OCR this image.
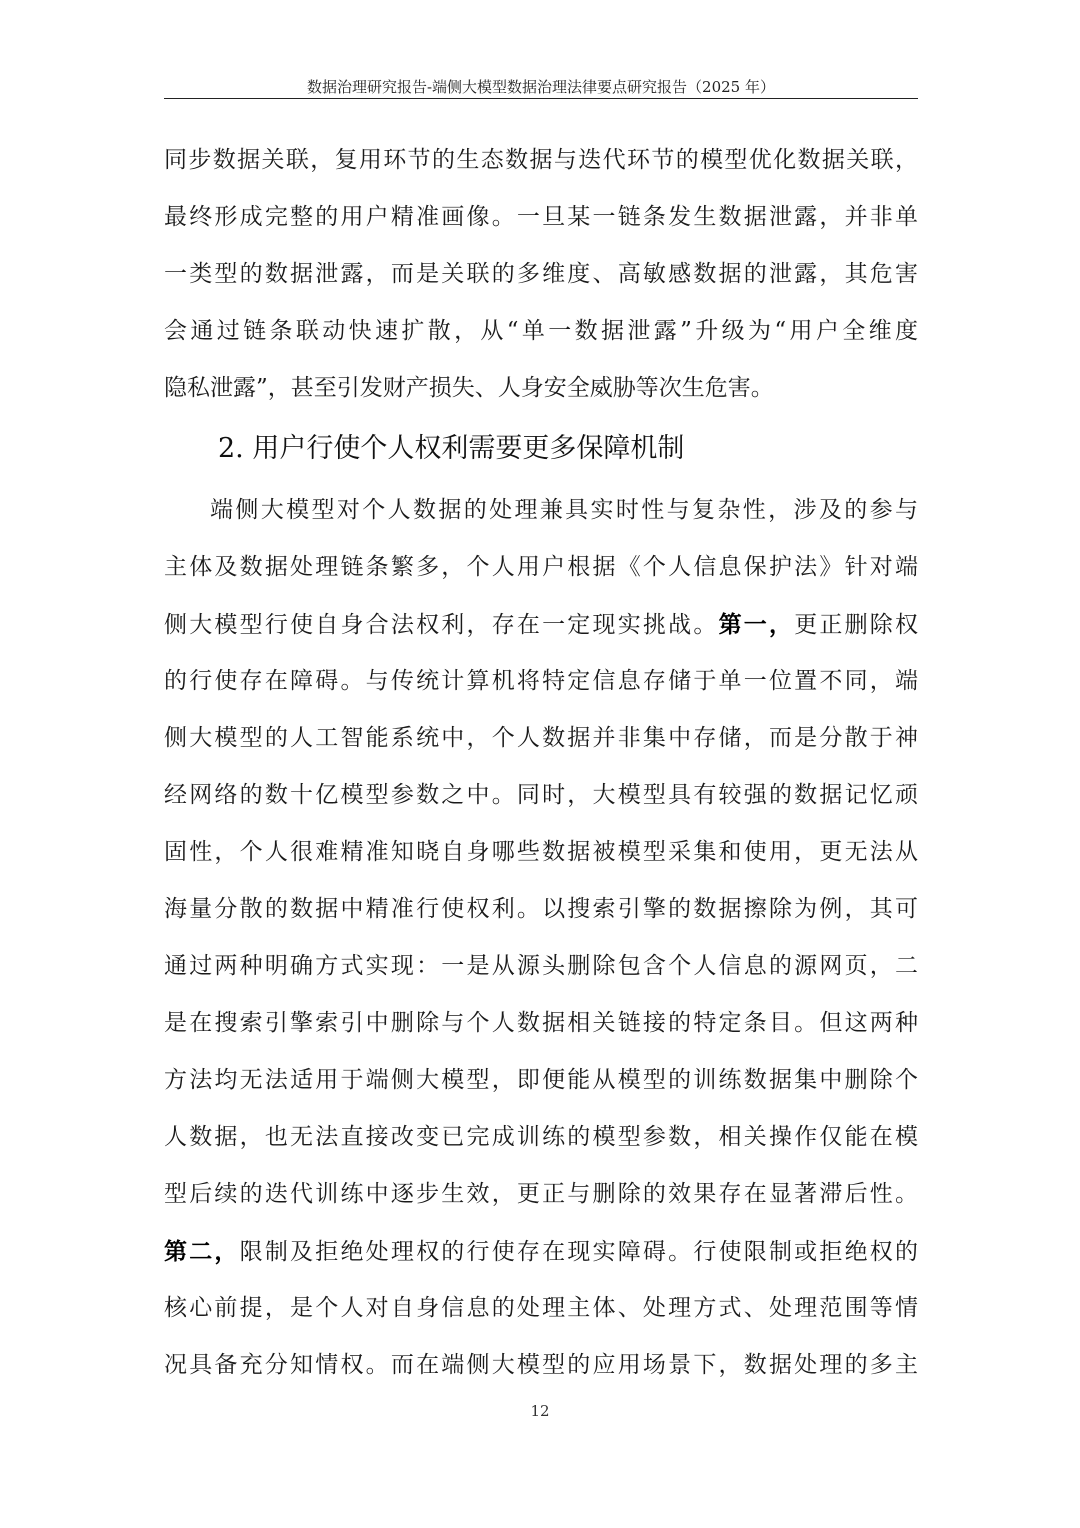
数据治理研究报告-端侧大模型数据治理法律要点研究报告（2025 年）
同步数据关联，复用环节的生态数据与迭代环节的模型优化数据关联，
最终形成完整的用户精准画像。一旦某一链条发生数据泄露，并非单
一类型的数据泄露，而是关联的多维度、高敏感数据的泄露，其危害
会通过链条联动快速扩散，从“单一数据泄露”升级为“用户全维度
隐私泄露”，甚至引发财产损失、人身安全威胁等次生危害。
2. 用户行使个人权利需要更多保障机制
端侧大模型对个人数据的处理兼具实时性与复杂性，涉及的参与
主体及数据处理链条繁多，个人用户根据《个人信息保护法》针对端
侧大模型行使自身合法权利，存在一定现实挑战。第一，更正删除权
的行使存在障碍。与传统计算机将特定信息存储于单一位置不同，端
侧大模型的人工智能系统中，个人数据并非集中存储，而是分散于神
经网络的数十亿模型参数之中。同时，大模型具有较强的数据记忆顽
固性，个人很难精准知晓自身哪些数据被模型采集和使用，更无法从
海量分散的数据中精准行使权利。以搜索引擎的数据擦除为例，其可
通过两种明确方式实现：一是从源头删除包含个人信息的源网页，二
是在搜索引擎索引中删除与个人数据相关链接的特定条目。但这两种
方法均无法适用于端侧大模型，即便能从模型的训练数据集中删除个
人数据，也无法直接改变已完成训练的模型参数，相关操作仅能在模
型后续的迭代训练中逐步生效，更正与删除的效果存在显著滞后性。
第二，限制及拒绝处理权的行使存在现实障碍。行使限制或拒绝权的
核心前提，是个人对自身信息的处理主体、处理方式、处理范围等情
况具备充分知情权。而在端侧大模型的应用场景下，数据处理的多主
12
